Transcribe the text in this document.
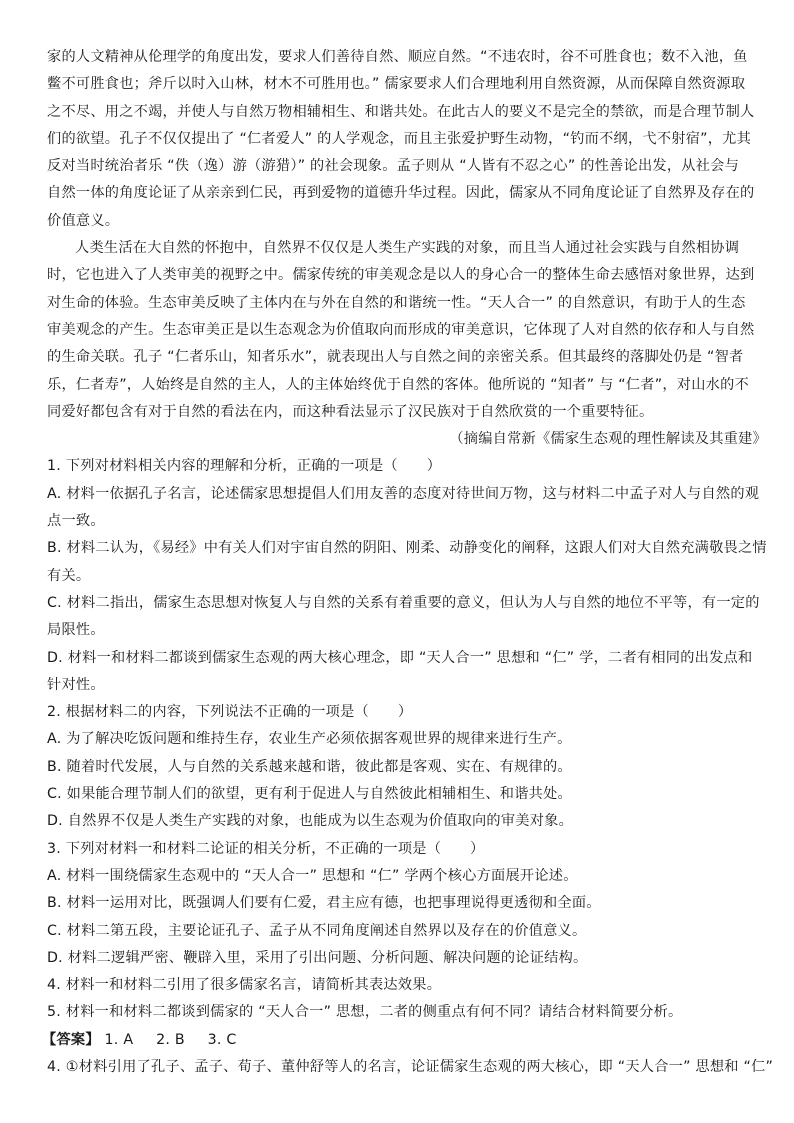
家的人文精神从伦理学的角度出发，要求人们善待自然、顺应自然。“不违农时，谷不可胜食也；数不入池，鱼
鳖不可胜食也；斧斤以时入山林，材木不可胜用也。” 儒家要求人们合理地利用自然资源，从而保障自然资源取
之不尽、用之不竭，并使人与自然万物相辅相生、和谐共处。在此古人的要义不是完全的禁欲，而是合理节制人
们的欲望。孔子不仅仅提出了 “仁者爱人” 的人学观念，而且主张爱护野生动物，“钓而不纲，弋不射宿”，尤其
反对当时统治者乐 “佚（逸）游（游猎）” 的社会现象。孟子则从 “人皆有不忍之心” 的性善论出发，从社会与
自然一体的角度论证了从亲亲到仁民，再到爱物的道德升华过程。因此，儒家从不同角度论证了自然界及存在的
价值意义。
人类生活在大自然的怀抱中，自然界不仅仅是人类生产实践的对象，而且当人通过社会实践与自然相协调
时，它也进入了人类审美的视野之中。儒家传统的审美观念是以人的身心合一的整体生命去感悟对象世界，达到
对生命的体验。生态审美反映了主体内在与外在自然的和谐统一性。“天人合一” 的自然意识，有助于人的生态
审美观念的产生。生态审美正是以生态观念为价值取向而形成的审美意识，它体现了人对自然的依存和人与自然
的生命关联。孔子 “仁者乐山，知者乐水”，就表现出人与自然之间的亲密关系。但其最终的落脚处仍是 “智者
乐，仁者寿”，人始终是自然的主人，人的主体始终优于自然的客体。他所说的 “知者” 与 “仁者”，对山水的不
同爱好都包含有对于自然的看法在内，而这种看法显示了汉民族对于自然欣赏的一个重要特征。
（摘编自常新《儒家生态观的理性解读及其重建》
1. 下列对材料相关内容的理解和分析，正确的一项是（　　）
A. 材料一依据孔子名言，论述儒家思想提倡人们用友善的态度对待世间万物，这与材料二中孟子对人与自然的观
点一致。
B. 材料二认为，《易经》中有关人们对宇宙自然的阴阳、刚柔、动静变化的阐释，这跟人们对大自然充满敬畏之情
有关。
C. 材料二指出，儒家生态思想对恢复人与自然的关系有着重要的意义，但认为人与自然的地位不平等，有一定的
局限性。
D. 材料一和材料二都谈到儒家生态观的两大核心理念，即 “天人合一” 思想和 “仁” 学，二者有相同的出发点和
针对性。
2. 根据材料二的内容，下列说法不正确的一项是（　　）
A. 为了解决吃饭问题和维持生存，农业生产必须依据客观世界的规律来进行生产。
B. 随着时代发展，人与自然的关系越来越和谐，彼此都是客观、实在、有规律的。
C. 如果能合理节制人们的欲望，更有利于促进人与自然彼此相辅相生、和谐共处。
D. 自然界不仅是人类生产实践的对象，也能成为以生态观为价值取向的审美对象。
3. 下列对材料一和材料二论证的相关分析，不正确的一项是（　　）
A. 材料一围绕儒家生态观中的 “天人合一” 思想和 “仁” 学两个核心方面展开论述。
B. 材料一运用对比，既强调人们要有仁爱，君主应有德，也把事理说得更透彻和全面。
C. 材料二第五段，主要论证孔子、孟子从不同角度阐述自然界以及存在的价值意义。
D. 材料二逻辑严密、鞭辟入里，采用了引出问题、分析问题、解决问题的论证结构。
4. 材料一和材料二引用了很多儒家名言，请简析其表达效果。
5. 材料一和材料二都谈到儒家的 “天人合一” 思想，二者的侧重点有何不同？请结合材料简要分析。
【答案】 1. A 2. B 3. C
4. ①材料引用了孔子、孟子、荀子、董仲舒等人的名言，论证儒家生态观的两大核心，即 “天人合一” 思想和 “仁”
